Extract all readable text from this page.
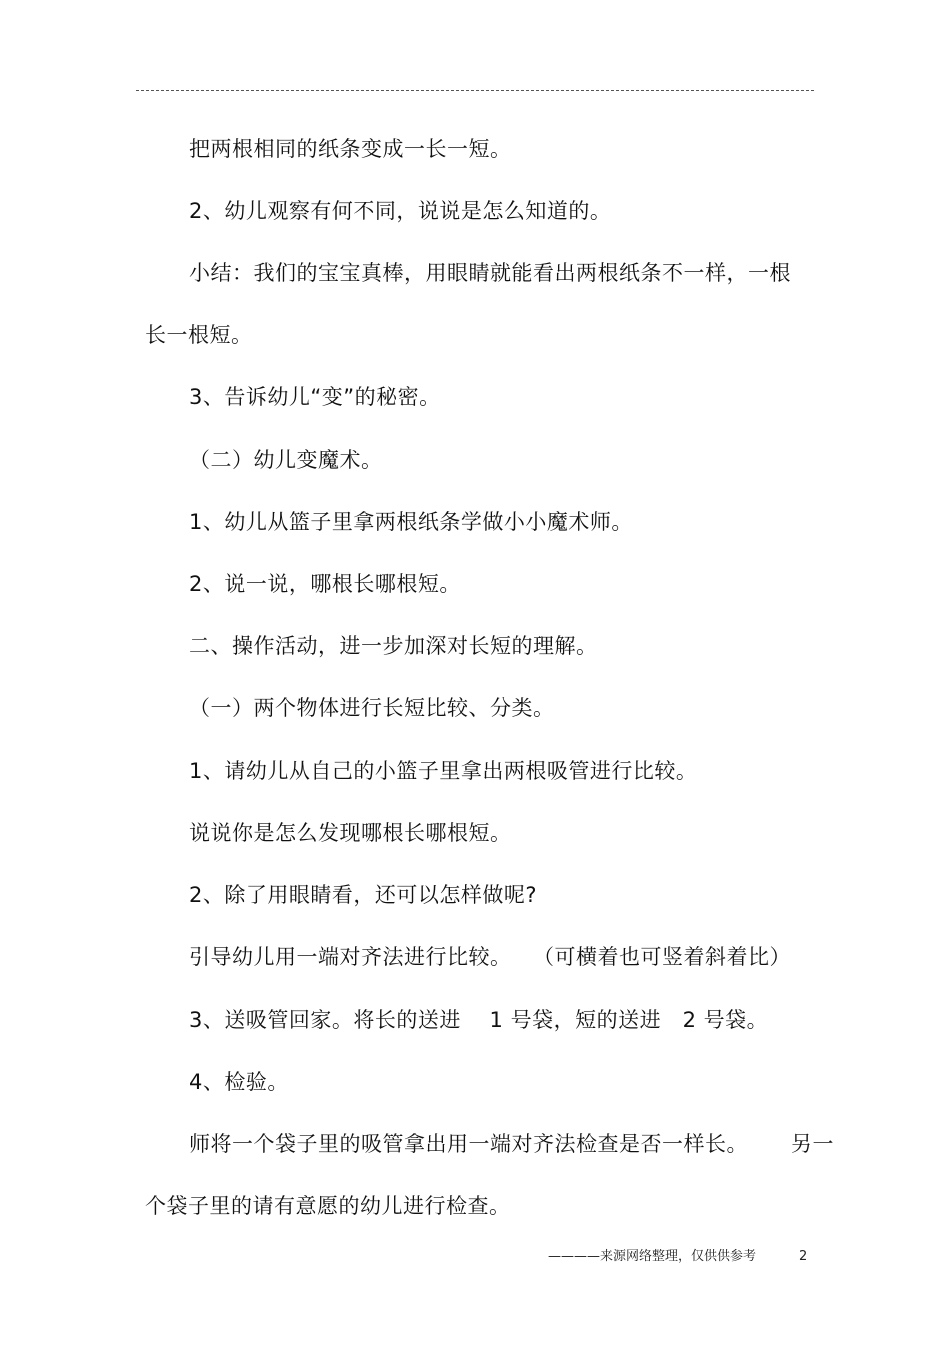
把两根相同的纸条变成一长一短。
2、幼儿观察有何不同，说说是怎么知道的。
小结：我们的宝宝真棒，用眼睛就能看出两根纸条不一样，一根
长一根短。
3、告诉幼儿“变”的秘密。
（二）幼儿变魔术。
1、幼儿从篮子里拿两根纸条学做小小魔术师。
2、说一说，哪根长哪根短。
二、操作活动，进一步加深对长短的理解。
（一）两个物体进行长短比较、分类。
1、请幼儿从自己的小篮子里拿出两根吸管进行比较。
说说你是怎么发现哪根长哪根短。
2、除了用眼睛看，还可以怎样做呢?
引导幼儿用一端对齐法进行比较。   （可横着也可竖着斜着比）
3、送吸管回家。将长的送进    1 号袋，短的送进   2 号袋。
4、检验。
师将一个袋子里的吸管拿出用一端对齐法检查是否一样长。      另一
个袋子里的请有意愿的幼儿进行检查。
————来源网络整理，仅供供参考	2
